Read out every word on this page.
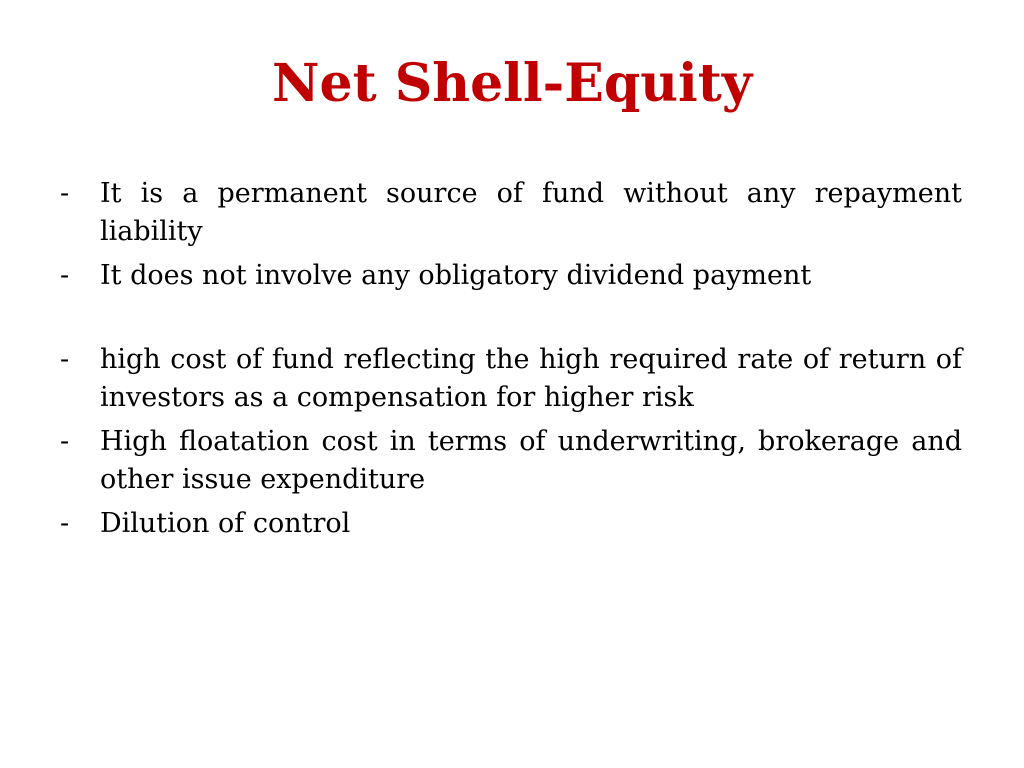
Net Shell-Equity
-	It is a permanent source of fund without any repayment liability
-	It does not involve any obligatory dividend payment
-	high cost of fund reflecting the high required rate of return of investors as a compensation for higher risk
-	High floatation cost in terms of underwriting, brokerage and other issue expenditure
-	Dilution of control
